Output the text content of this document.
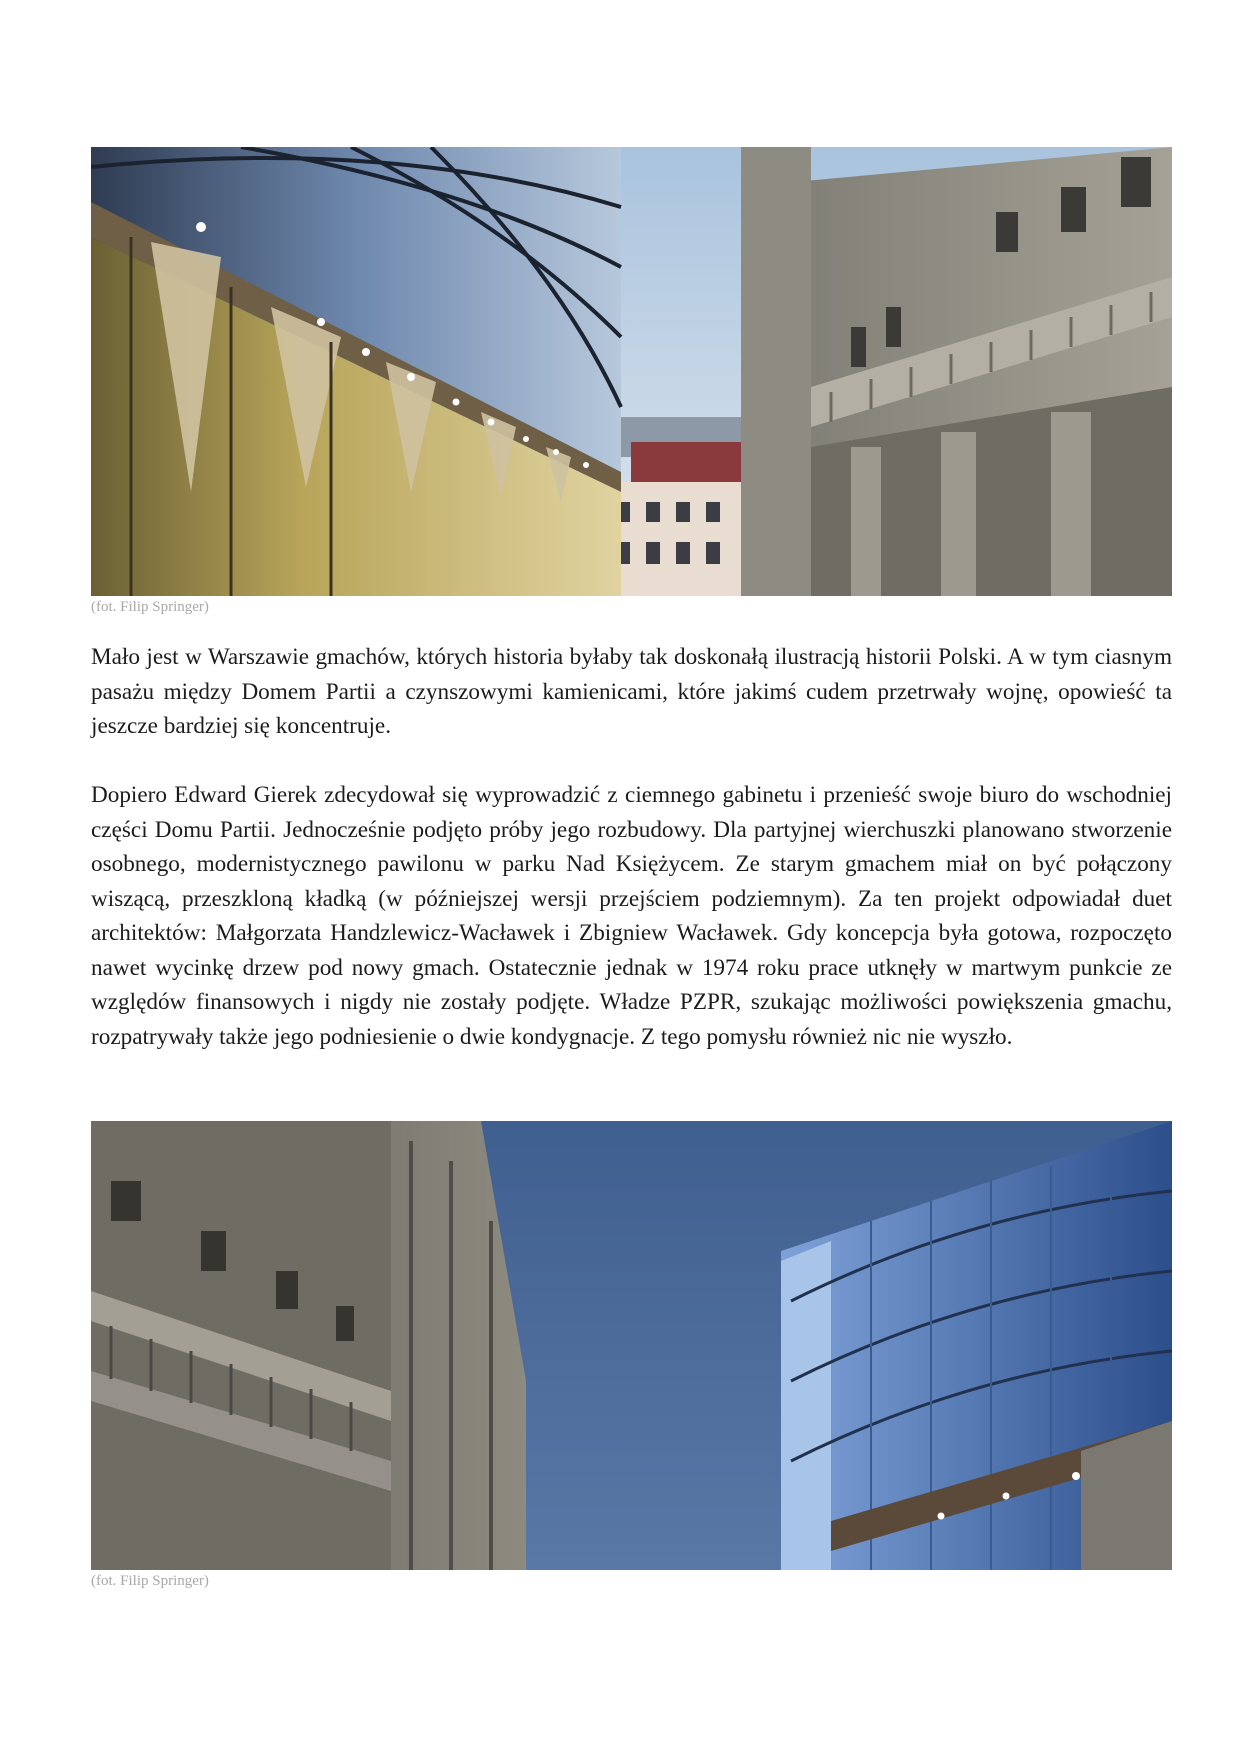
(fot. Filip Springer)

Mało jest w Warszawie gmachów, których historia byłaby tak doskonałą ilustracją historii Polski. A w tym ciasnym pasażu między Domem Partii a czynszowymi kamienicami, które jakimś cudem przetrwały wojnę, opowieść ta jeszcze bardziej się koncentruje.

Dopiero Edward Gierek zdecydował się wyprowadzić z ciemnego gabinetu i przenieść swoje biuro do wschodniej części Domu Partii. Jednocześnie podjęto próby jego rozbudowy. Dla partyjnej wierchuszki planowano stworzenie osobnego, modernistycznego pawilonu w parku Nad Księżycem. Ze starym gmachem miał on być połączony wiszącą, przeszkloną kładką (w późniejszej wersji przejściem podziemnym). Za ten projekt odpowiadał duet architektów: Małgorzata Handzlewicz-Wacławek i Zbigniew Wacławek. Gdy koncepcja była gotowa, rozpoczęto nawet wycinkę drzew pod nowy gmach. Ostatecznie jednak w 1974 roku prace utknęły w martwym punkcie ze względów finansowych i nigdy nie zostały podjęte. Władze PZPR, szukając możliwości powiększenia gmachu, rozpatrywały także jego podniesienie o dwie kondygnacje. Z tego pomysłu również nic nie wyszło.

(fot. Filip Springer)
